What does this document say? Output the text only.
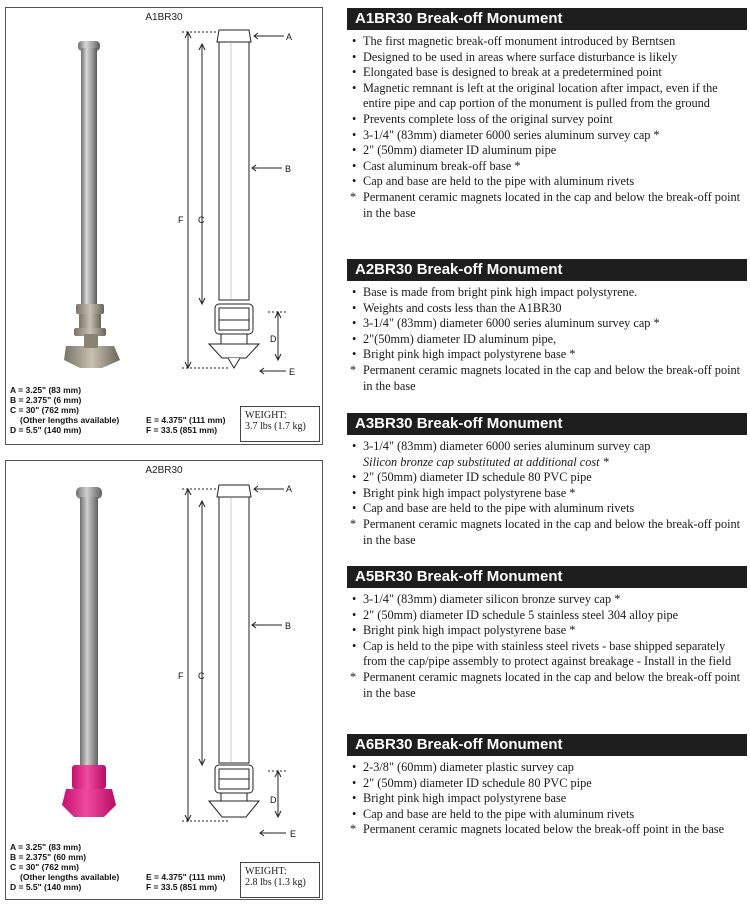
A1BR30
A
B
F C
D
E
A = 3.25" (83 mm)
B = 2.375" (6 mm)
C = 30" (762 mm)
(Other lengths available)
D = 5.5" (140 mm)
E = 4.375" (111 mm)
F = 33.5 (851 mm)
WEIGHT:
3.7 lbs (1.7 kg)
A2BR30
A
B
F C
D
E
A = 3.25" (83 mm)
B = 2.375" (60 mm)
C = 30" (762 mm)
(Other lengths available)
D = 5.5" (140 mm)
E = 4.375" (111 mm)
F = 33.5 (851 mm)
WEIGHT:
2.8 lbs (1.3 kg)
A1BR30 Break-off Monument
• The first magnetic break-off monument introduced by Berntsen
• Designed to be used in areas where surface disturbance is likely
• Elongated base is designed to break at a predetermined point
• Magnetic remnant is left at the original location after impact, even if the entire pipe and cap portion of the monument is pulled from the ground
• Prevents complete loss of the original survey point
• 3-1/4" (83mm) diameter 6000 series aluminum survey cap *
• 2" (50mm) diameter ID aluminum pipe
• Cast aluminum break-off base *
• Cap and base are held to the pipe with aluminum rivets
* Permanent ceramic magnets located in the cap and below the break-off point in the base
A2BR30 Break-off Monument
• Base is made from bright pink high impact polystyrene.
• Weights and costs less than the A1BR30
• 3-1/4" (83mm) diameter 6000 series aluminum survey cap *
• 2"(50mm) diameter ID aluminum pipe,
• Bright pink high impact polystyrene base *
* Permanent ceramic magnets located in the cap and below the break-off point in the base
A3BR30 Break-off Monument
• 3-1/4" (83mm) diameter 6000 series aluminum survey cap
Silicon bronze cap substituted at additional cost *
• 2" (50mm) diameter ID schedule 80 PVC pipe
• Bright pink high impact polystyrene base *
• Cap and base are held to the pipe with aluminum rivets
* Permanent ceramic magnets located in the cap and below the break-off point in the base
A5BR30 Break-off Monument
• 3-1/4" (83mm) diameter silicon bronze survey cap *
• 2" (50mm) diameter ID schedule 5 stainless steel 304 alloy pipe
• Bright pink high impact polystyrene base *
• Cap is held to the pipe with stainless steel rivets - base shipped separately from the cap/pipe assembly to protect against breakage - Install in the field
* Permanent ceramic magnets located in the cap and below the break-off point in the base
A6BR30 Break-off Monument
• 2-3/8" (60mm) diameter plastic survey cap
• 2" (50mm) diameter ID schedule 80 PVC pipe
• Bright pink high impact polystyrene base
• Cap and base are held to the pipe with aluminum rivets
* Permanent ceramic magnets located below the break-off point in the base
